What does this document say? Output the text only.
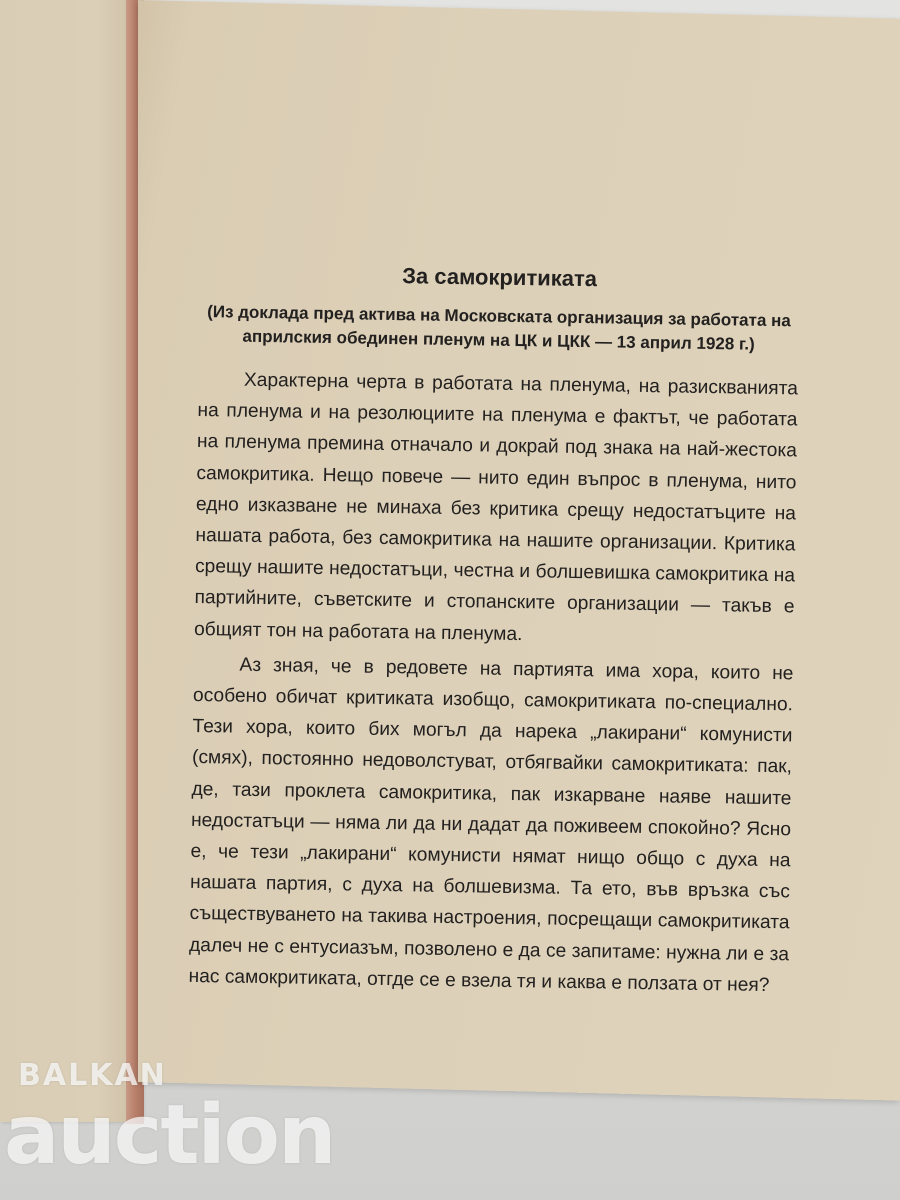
За самокритиката
(Из доклада пред актива на Московската организация за работата на априлския обединен пленум на ЦК и ЦКК — 13 април 1928 г.)

Характерна черта в работата на пленума, на разискванията на пленума и на резолюциите на пленума е фактът, че работата на пленума премина отначало и докрай под знака на най-жестока самокритика. Нещо повече — нито един въпрос в пленума, нито едно изказване не минаха без критика срещу недостатъците на нашата работа, без самокритика на нашите организации. Критика срещу нашите недостатъци, честна и болшевишка самокритика на партийните, съветските и стопанските организации — такъв е общият тон на работата на пленума.

Аз зная, че в редовете на партията има хора, които не особено обичат критиката изобщо, самокритиката по-специално. Тези хора, които бих могъл да нарека „лакирани“ комунисти (смях), постоянно недоволстуват, отбягвайки самокритиката: пак, де, тази проклета самокритика, пак изкарване наяве нашите недостатъци — няма ли да ни дадат да поживеем спокойно? Ясно е, че тези „лакирани“ комунисти нямат нищо общо с духа на нашата партия, с духа на болшевизма. Та ето, във връзка със съществуването на такива настроения, посрещащи самокритиката далеч не с ентусиазъм, позволено е да се запитаме: нужна ли е за нас самокритиката, отгде се е взела тя и каква е ползата от нея?

BALKAN
auction
